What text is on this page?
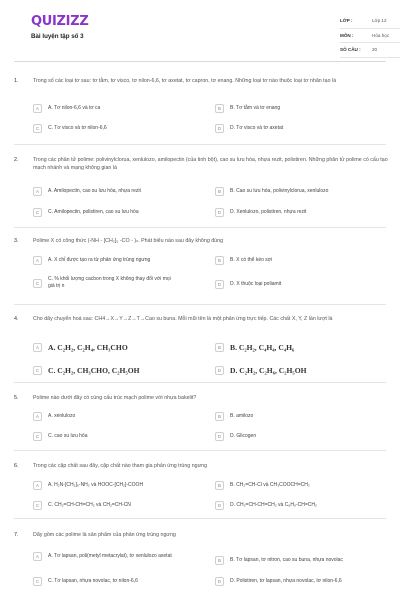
QUIZIZZ
Bài luyện tập số 3
LỚP :	Lớp 12
MÔN :	Hóa học
SỐ CÂU :	20
1.	Trong số các loại tơ sau: tơ tằm, tơ visco, tơ nilon-6,6, tơ axetat, tơ capron, tơ enang. Những loại tơ nào thuộc loại tơ nhân tạo là
A	A. Tơ nilon-6,6 và tơ ca	B	B. Tơ tằm và tơ enang
C	C. Tơ visco và tơ nilon-6,6	D	D. Tơ visco và tơ axetat
2.	Trong các phân tử polime: polivinylclorua, xenlulozo, amilopectin (của tinh bột), cao su lưu hóa, nhựa rezit, polistiren. Những phân tử polime có cấu tạo mạch nhánh và mạng không gian là
A	A. Amilopectin, cao su lưu hóa, nhựa rezit	B	B. Cao su lưu hóa, polivinylclorua, xenlulozo
C	C. Amilopectin, polistiren, cao su lưu hóa	D	D. Xenlulozo, polistiren, nhựa rezit
3.	Polime X có công thức (-NH - [CH₂]₅ -CO - )ₙ. Phát biểu nào sau đây không đúng
A	A. X chỉ được tạo ra từ phản ứng trùng ngưng	B	B. X có thể kéo sợi
C
C. % khối lượng cacbon trong X không thay đổi với mọi giá trị n	D	D. X thuộc loại poliamit
4.	Cho dãy chuyển hoá sau: CH4→X→Y→Z→T→Cao su buna. Mỗi mũi tên là một phản ứng trực tiếp. Các chất X, Y, Z lần lượt là
A	A. C₂H₂, C₂H₄, CH₃CHO	B	B. C₂H₂, C₄H₄, C₄H₆
C	C. C₂H₂, CH₃CHO, C₂H₅OH	D	D. C₂H₂, C₂H₆, C₂H₅OH
5.	Polime nào dưới đây có cùng cấu trúc mạch polime với nhựa bakelit?
A	A. xenlulozo	B	B. amilozo
C	C. cao su lưu hóa	D	D. Glicogen
6.	Trong các cặp chất sau đây, cặp chất nào tham gia phản ứng trùng ngưng
A	A. H₂N-[CH₂]₆-NH₂ và HOOC-[CH₂]-COOH	B	B. CH₂=CH-Cl và CH₃COOCH=CH₂
C	C. CH₂=CH-CH=CH₂ và CH₂=CH-CN	D	D. CH₂=CH-CH=CH₂ và C₆H₅-CH=CH₂
7.	Dãy gồm các polime là sản phẩm của phản ứng trùng ngưng
A	A. Tơ lapsan, poli(metyl metacrylat), tơ xenlulozo axetat
B	B. Tơ lapsan, tơ nitron, cao su buna, nhựa novolac
C	C. Tơ lapsan, nhựa novolac, tơ nilon-6,6	D	D. Polistiren, tơ lapsan, nhựa novolac, tơ nilon-6,6
